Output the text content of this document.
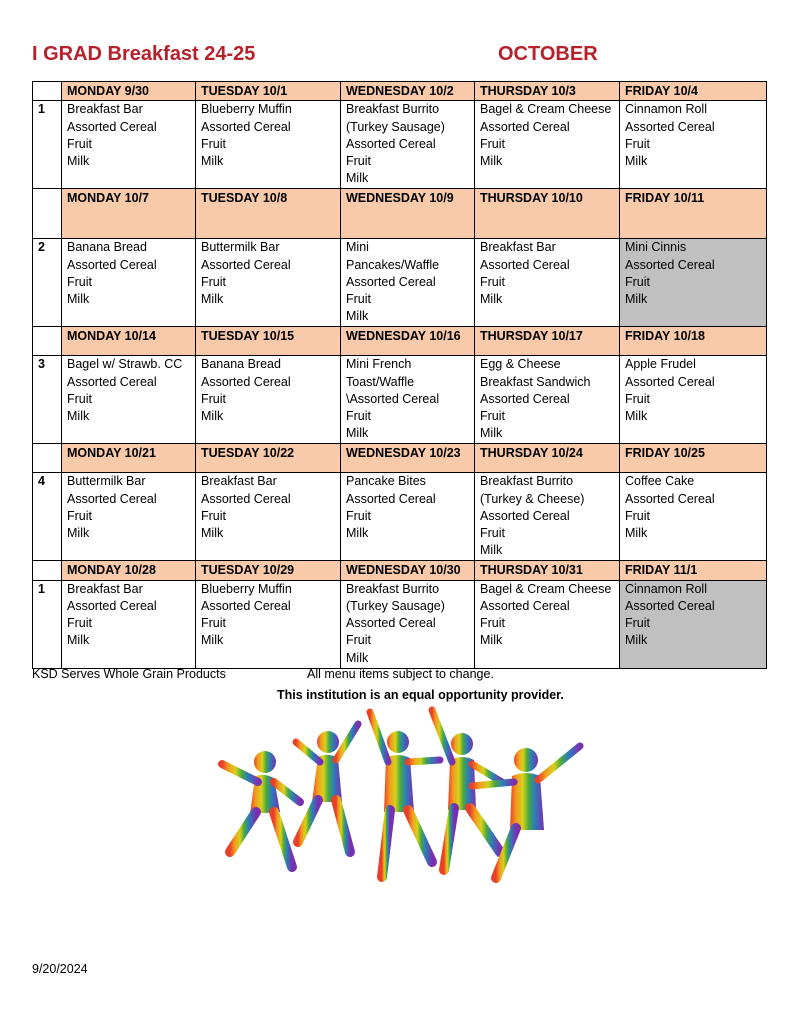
I GRAD Breakfast 24-25	OCTOBER
	MONDAY 9/30	TUESDAY 10/1	WEDNESDAY 10/2	THURSDAY 10/3	FRIDAY 10/4

1	Breakfast Bar
Assorted Cereal
Fruit
Milk	Blueberry Muffin
Assorted Cereal
Fruit
Milk	Breakfast Burrito
(Turkey Sausage)
Assorted Cereal
Fruit
Milk	Bagel & Cream Cheese
Assorted Cereal
Fruit
Milk	Cinnamon Roll
Assorted Cereal
Fruit
Milk

	MONDAY 10/7	TUESDAY 10/8	WEDNESDAY 10/9	THURSDAY 10/10	FRIDAY 10/11

2	Banana Bread
Assorted Cereal
Fruit
Milk	Buttermilk Bar
Assorted Cereal
Fruit
Milk	Mini
Pancakes/Waffle
Assorted Cereal
Fruit
Milk	Breakfast Bar
Assorted Cereal
Fruit
Milk	Mini Cinnis
Assorted Cereal
Fruit
Milk

	MONDAY 10/14	TUESDAY 10/15	WEDNESDAY 10/16	THURSDAY 10/17	FRIDAY 10/18

3	Bagel w/ Strawb. CC
Assorted Cereal
Fruit
Milk	Banana Bread
Assorted Cereal
Fruit
Milk	Mini French
Toast/Waffle
\Assorted Cereal
Fruit
Milk	Egg & Cheese
Breakfast Sandwich
Assorted Cereal
Fruit
Milk	Apple Frudel
Assorted Cereal
Fruit
Milk

	MONDAY 10/21	TUESDAY 10/22	WEDNESDAY 10/23	THURSDAY 10/24	FRIDAY 10/25

4	Buttermilk Bar
Assorted Cereal
Fruit
Milk	Breakfast Bar
Assorted Cereal
Fruit
Milk	Pancake Bites
Assorted Cereal
Fruit
Milk	Breakfast Burrito
(Turkey & Cheese)
Assorted Cereal
Fruit
Milk	Coffee Cake
Assorted Cereal
Fruit
Milk

	MONDAY 10/28	TUESDAY 10/29	WEDNESDAY 10/30	THURSDAY 10/31	FRIDAY 11/1

1	Breakfast Bar
Assorted Cereal
Fruit
Milk	Blueberry Muffin
Assorted Cereal
Fruit
Milk	Breakfast Burrito
(Turkey Sausage)
Assorted Cereal
Fruit
Milk	Bagel & Cream Cheese
Assorted Cereal
Fruit
Milk	Cinnamon Roll
Assorted Cereal
Fruit
Milk
KSD Serves Whole Grain Products	All menu items subject to change.
This institution is an equal opportunity provider.
9/20/2024
